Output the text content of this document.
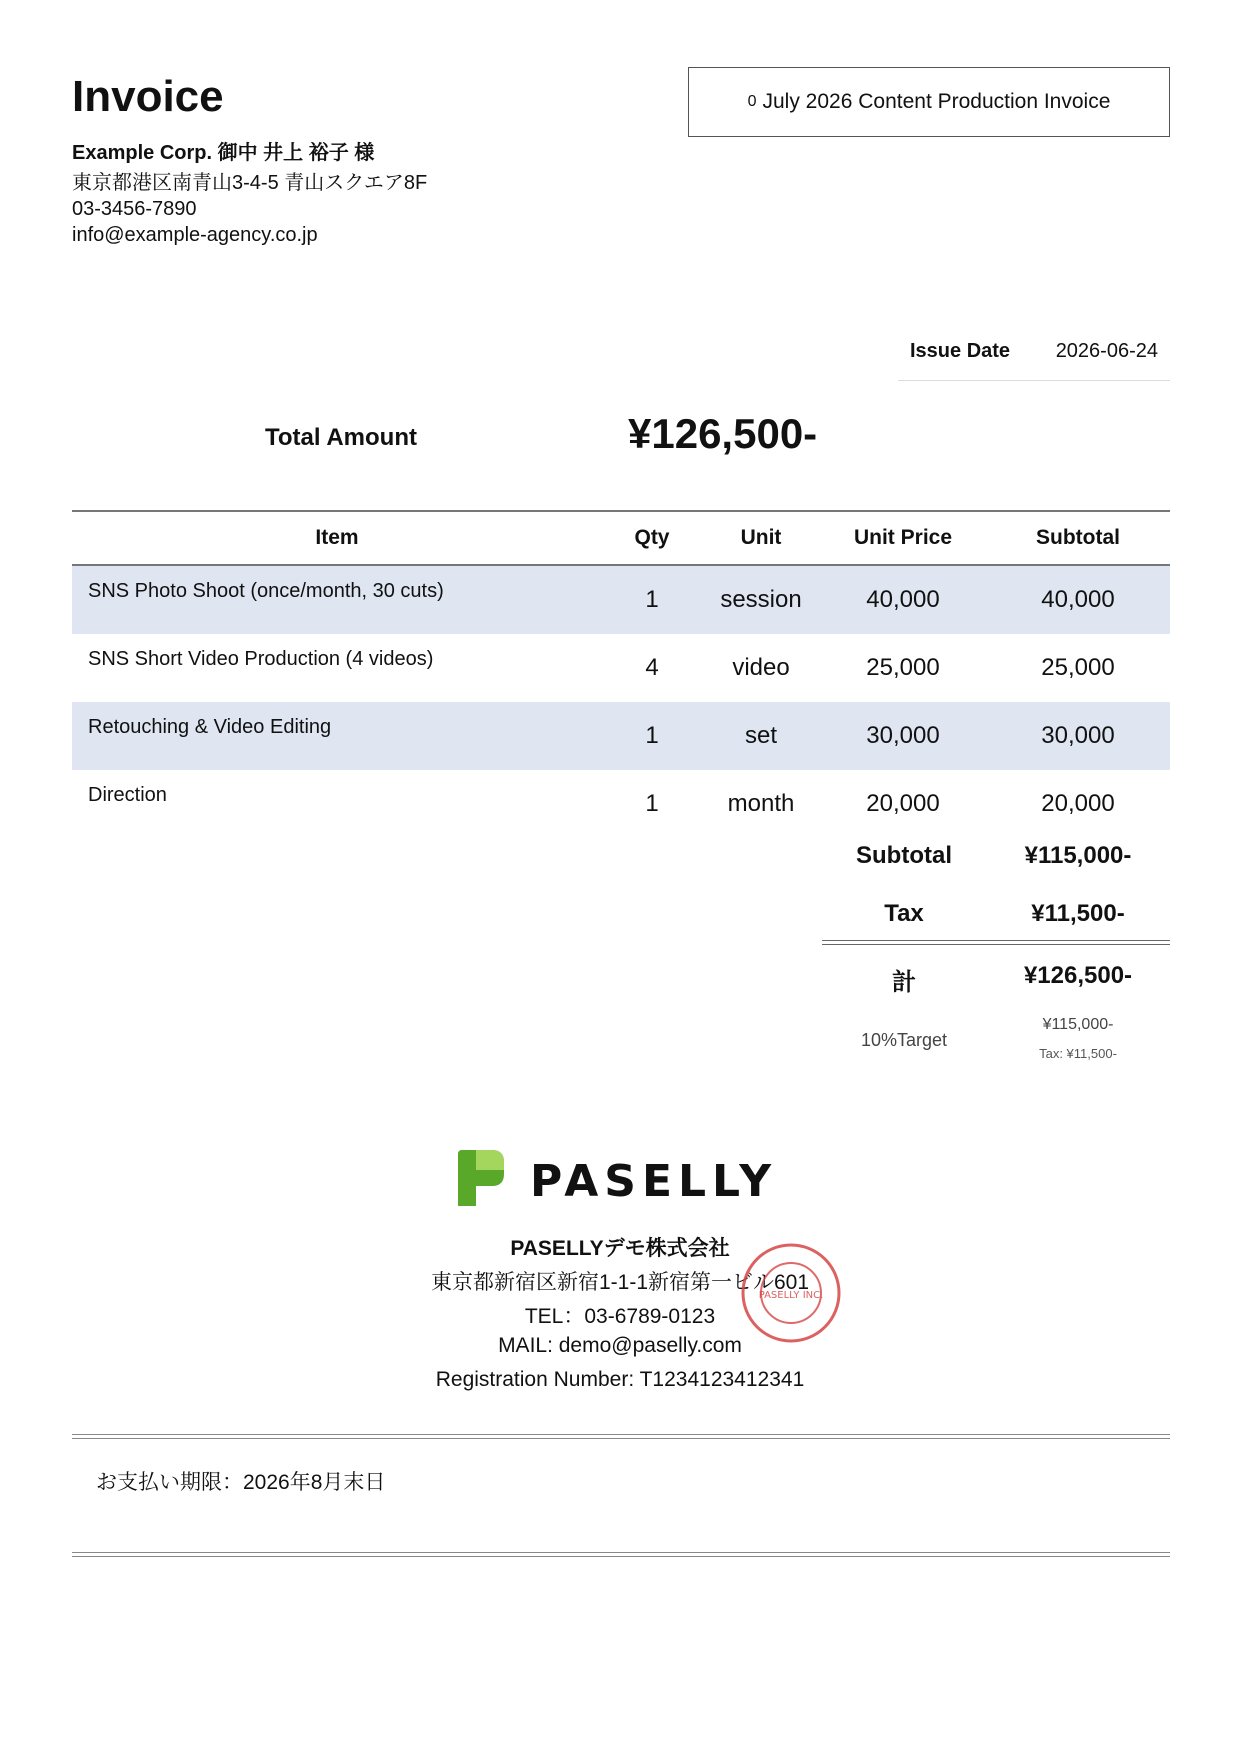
Invoice
Example Corp. 御中 井上 裕子 様
東京都港区南青山3-4-5 青山スクエア8F
03-3456-7890
info@example-agency.co.jp
0 July 2026 Content Production Invoice
Issue Date 2026-06-24
Total Amount	¥126,500-
Item	Qty	Unit	Unit Price	Subtotal
SNS Photo Shoot (once/month, 30 cuts)	1	session	40,000	40,000
SNS Short Video Production (4 videos)	4	video	25,000	25,000
Retouching & Video Editing	1	set	30,000	30,000
Direction	1	month	20,000	20,000
Subtotal	¥115,000-
Tax	¥11,500-
計	¥126,500-
10%Target
¥115,000-
Tax: ¥11,500-
PASELLY
PASELLYデモ株式会社
東京都新宿区新宿1-1-1新宿第一ビル601
TEL：03-6789-0123
MAIL: demo@paselly.com
Registration Number: T1234123412341
PASELLY INC.
お支払い期限：2026年8月末日
